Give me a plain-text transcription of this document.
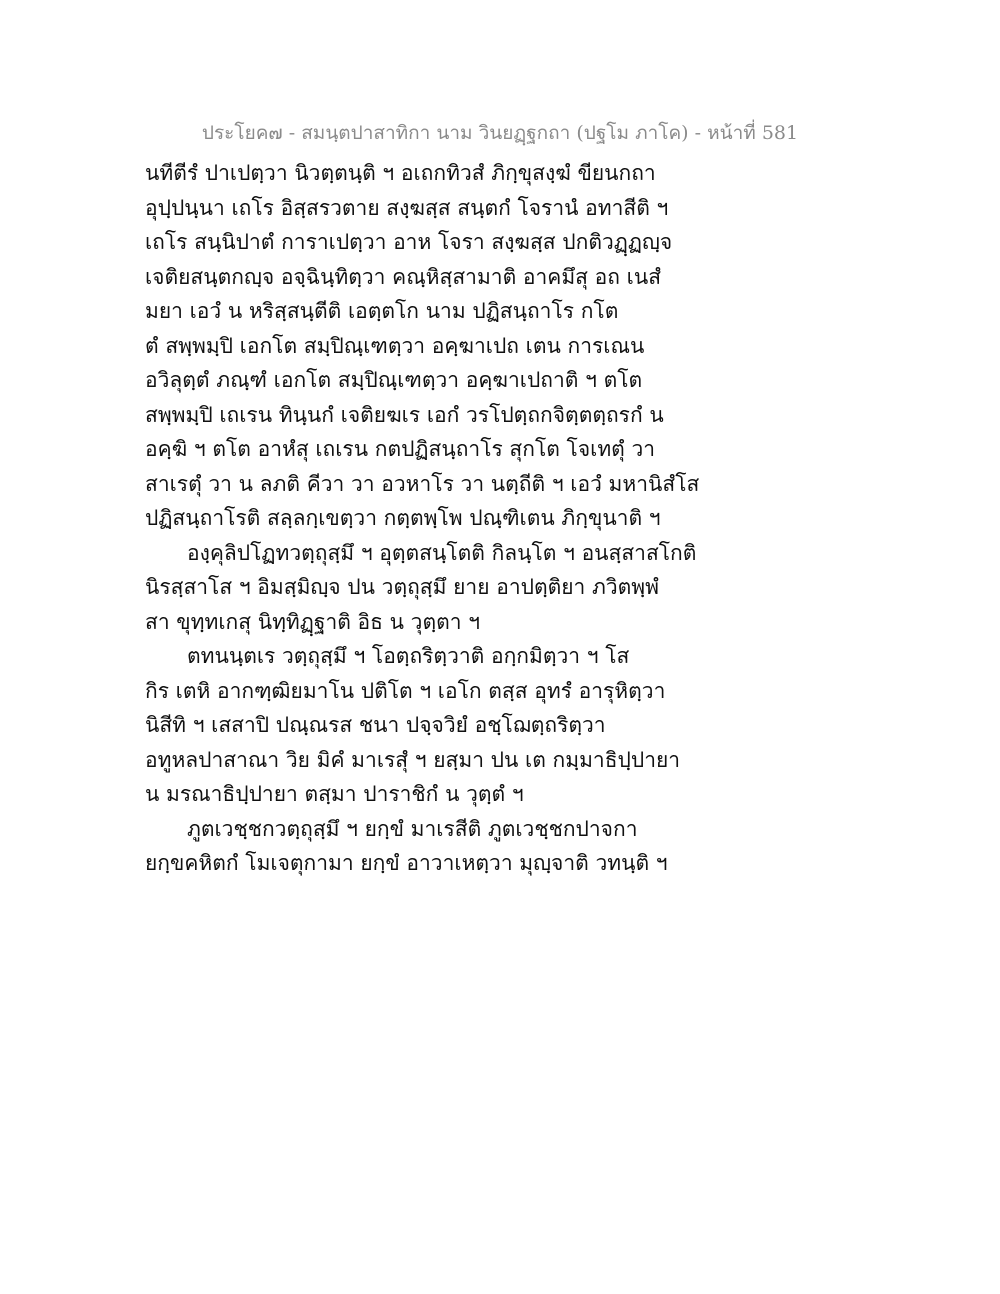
ประโยค๗ - สมนฺตปาสาทิกา นาม วินยฏฺฐกถา (ปฐโม ภาโค) - หน้าที่ 581
นทีตีรํ ปาเปตฺวา นิวตฺตนฺติ ฯ อเถกทิวสํ ภิกฺขุสงฺฆํ ขียนกถา
อุปฺปนฺนา เถโร อิสฺสรวตาย สงฺฆสฺส สนฺตกํ โจรานํ อทาสีติ ฯ
เถโร สนฺนิปาตํ การาเปตฺวา อาห โจรา สงฺฆสฺส ปกติวฏฺฏญฺจ
เจติยสนฺตกญฺจ อจฺฉินฺทิตฺวา คณฺหิสฺสามาติ อาคมึสุ อถ เนสํ
มยา เอวํ น หริสฺสนฺตีติ เอตฺตโก นาม ปฏิสนฺถาโร กโต
ตํ สพฺพมฺปิ เอกโต สมฺปิณฺเฑตฺวา อคฺฆาเปถ เตน การเณน
อวิลุตฺตํ ภณฺฑํ เอกโต สมฺปิณฺเฑตฺวา อคฺฆาเปถาติ ฯ ตโต
สพฺพมฺปิ เถเรน ทินฺนกํ เจติยฆเร เอกํ วรโปตฺถกจิตฺตตฺถรกํ น
อคฺฆิ ฯ ตโต อาหํสุ เถเรน กตปฏิสนฺถาโร สุกโต โจเทตุํ วา
สาเรตุํ วา น ลภติ คีวา วา อวหาโร วา นตฺถีติ ฯ เอวํ มหานิสํโส
ปฏิสนฺถาโรติ สลฺลกฺเขตฺวา กตฺตพฺโพ ปณฺฑิเตน ภิกฺขุนาติ ฯ
องฺคุลิปโฏทวตฺถุสฺมึ ฯ อุตฺตสนฺโตติ กิลนฺโต ฯ อนสฺสาสโกติ
นิรสฺสาโส ฯ อิมสฺมิญฺจ ปน วตฺถุสฺมึ ยาย อาปตฺติยา ภวิตพฺพํ
สา ขุทฺทเกสุ นิทฺทิฏฺฐาติ อิธ น วุตฺตา ฯ
ตทนนฺตเร วตฺถุสฺมึ ฯ โอตฺถริตฺวาติ อกฺกมิตฺวา ฯ โส
กิร เตหิ อากฑฺฒิยมาโน ปติโต ฯ เอโก ตสฺส อุทรํ อารุหิตฺวา
นิสีทิ ฯ เสสาปิ ปณฺณรส ชนา ปจฺจวิยํ อชฺโฌตฺถริตฺวา
อทูหลปาสาณา วิย มิคํ มาเรสุํ ฯ ยสฺมา ปน เต กมฺมาธิปฺปายา
น มรณาธิปฺปายา ตสฺมา ปาราชิกํ น วุตฺตํ ฯ
ภูตเวชฺชกวตฺถุสฺมึ ฯ ยกฺขํ มาเรสีติ ภูตเวชฺชกปาจกา
ยกฺขคหิตกํ โมเจตุกามา ยกฺขํ อาวาเหตฺวา มุญฺจาติ วทนฺติ ฯ
